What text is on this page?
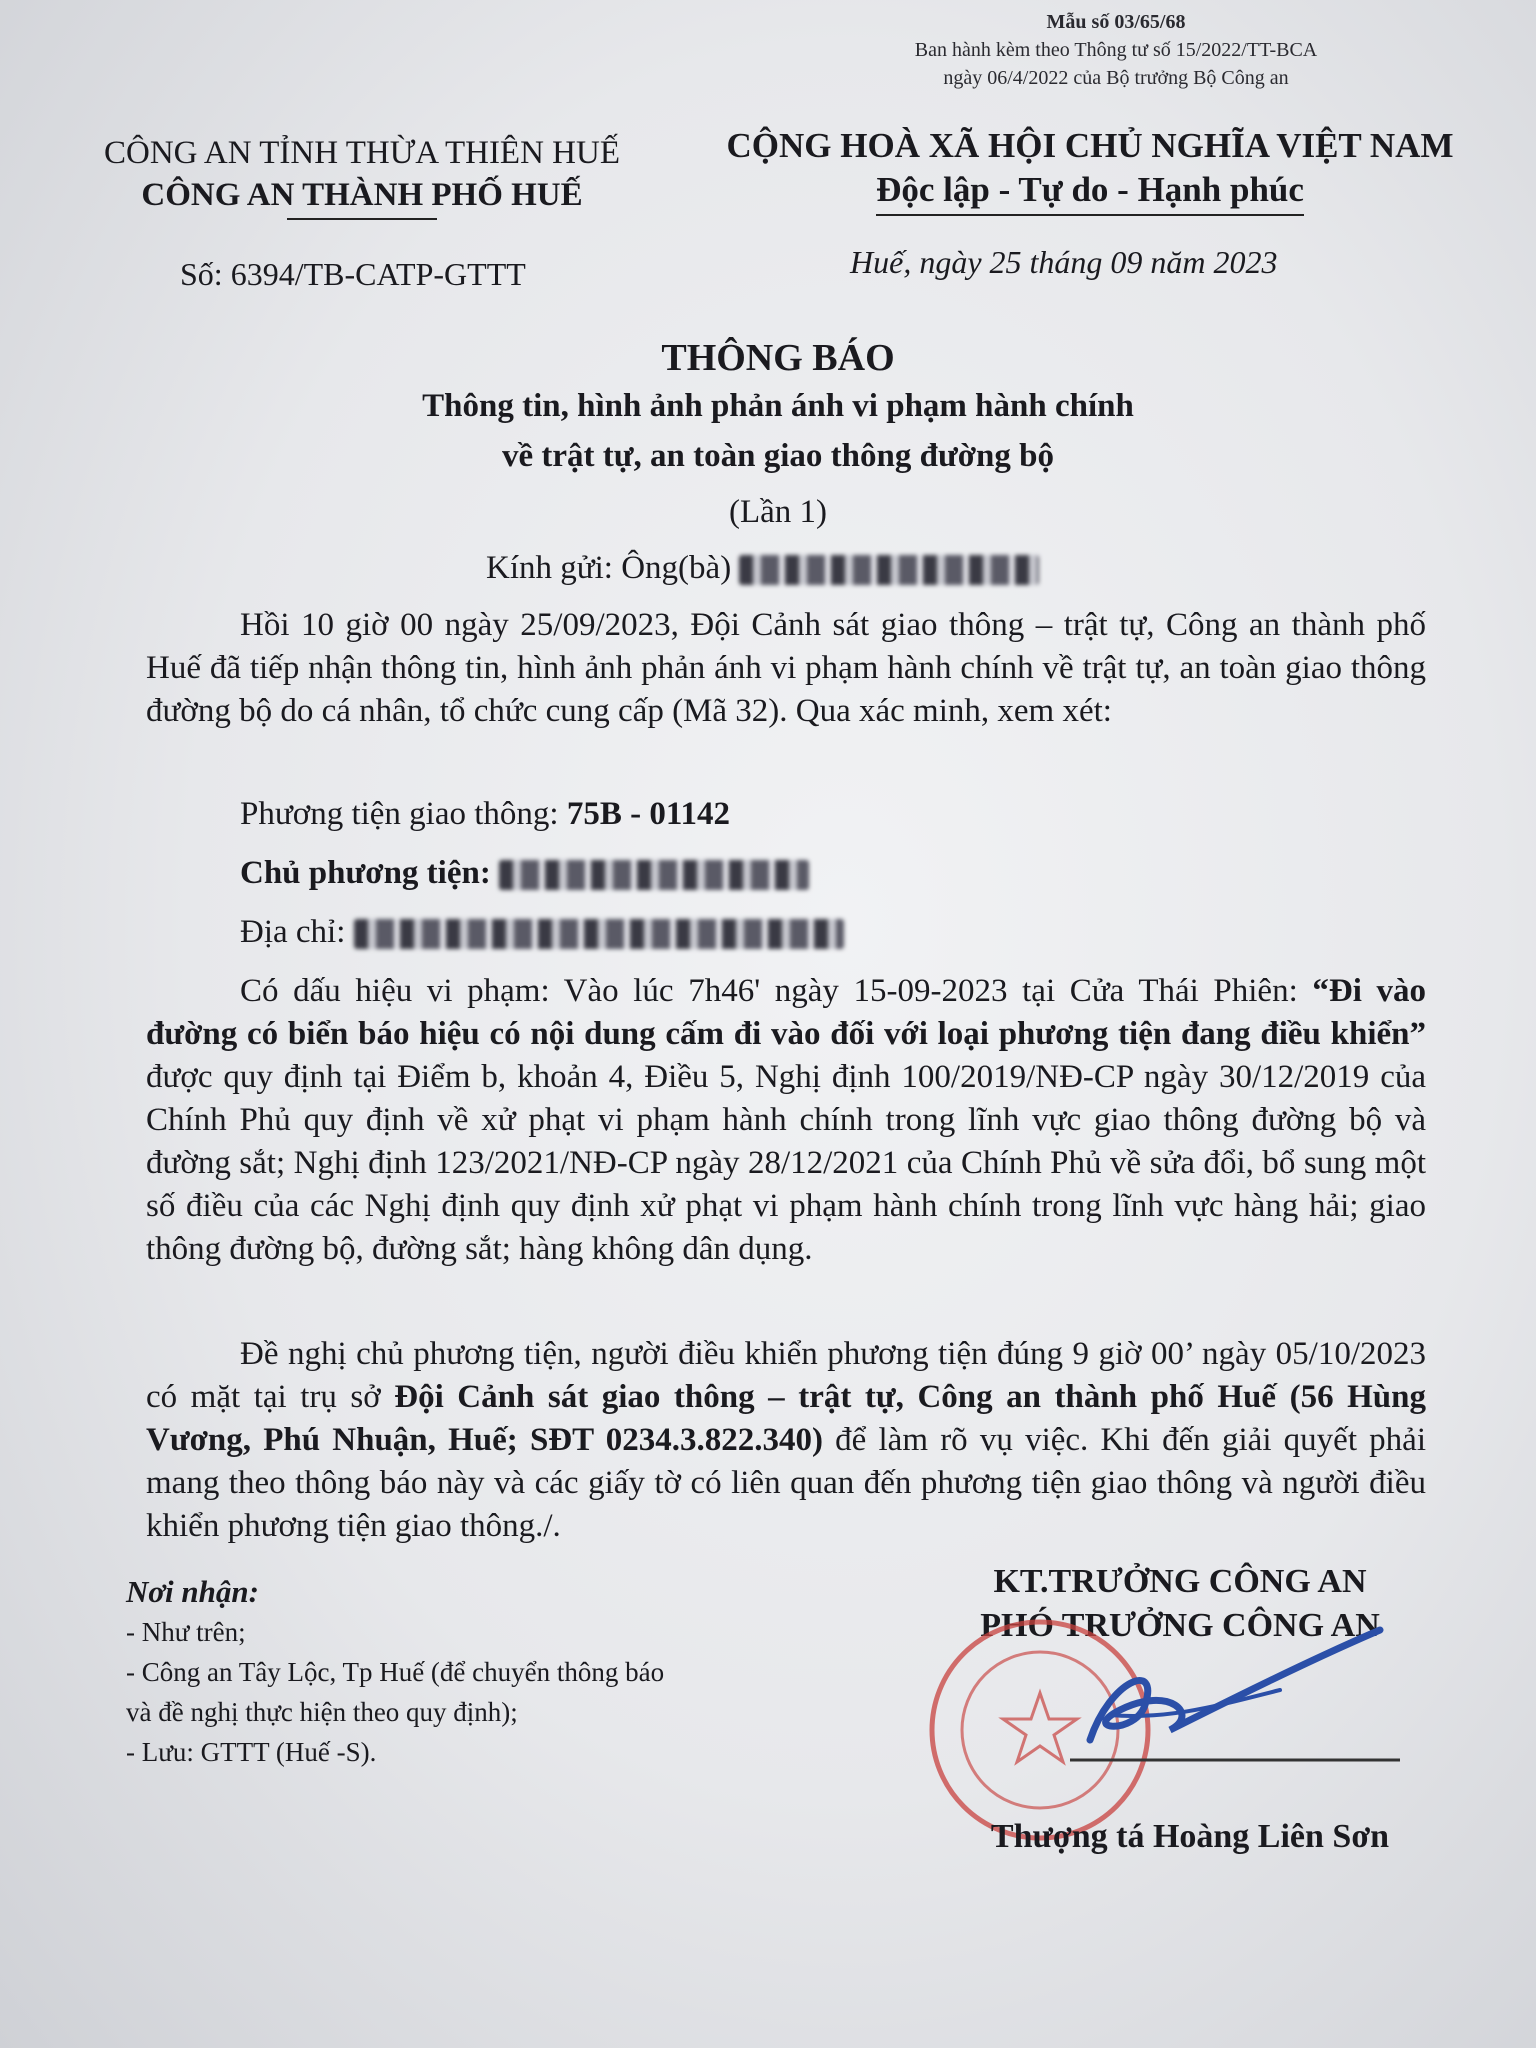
Mẫu số 03/65/68
Ban hành kèm theo Thông tư số 15/2022/TT-BCA
ngày 06/4/2022 của Bộ trưởng Bộ Công an
CÔNG AN TỈNH THỪA THIÊN HUẾ
CÔNG AN THÀNH PHỐ HUẾ
CỘNG HOÀ XÃ HỘI CHỦ NGHĨA VIỆT NAM
Độc lập - Tự do - Hạnh phúc
Số: 6394/TB-CATP-GTTT	Huế, ngày 25 tháng 09 năm 2023
THÔNG BÁO
Thông tin, hình ảnh phản ánh vi phạm hành chính
về trật tự, an toàn giao thông đường bộ
(Lần 1)
Kính gửi: Ông(bà)
Hồi 10 giờ 00 ngày 25/09/2023, Đội Cảnh sát giao thông – trật tự, Công an thành phố Huế đã tiếp nhận thông tin, hình ảnh phản ánh vi phạm hành chính về trật tự, an toàn giao thông đường bộ do cá nhân, tổ chức cung cấp (Mã 32). Qua xác minh, xem xét:
Phương tiện giao thông: 75B - 01142
Chủ phương tiện:
Địa chỉ:
Có dấu hiệu vi phạm: Vào lúc 7h46' ngày 15-09-2023 tại Cửa Thái Phiên: “Đi vào đường có biển báo hiệu có nội dung cấm đi vào đối với loại phương tiện đang điều khiển” được quy định tại Điểm b, khoản 4, Điều 5, Nghị định 100/2019/NĐ-CP ngày 30/12/2019 của Chính Phủ quy định về xử phạt vi phạm hành chính trong lĩnh vực giao thông đường bộ và đường sắt; Nghị định 123/2021/NĐ-CP ngày 28/12/2021 của Chính Phủ về sửa đổi, bổ sung một số điều của các Nghị định quy định xử phạt vi phạm hành chính trong lĩnh vực hàng hải; giao thông đường bộ, đường sắt; hàng không dân dụng.
Đề nghị chủ phương tiện, người điều khiển phương tiện đúng 9 giờ 00’ ngày 05/10/2023 có mặt tại trụ sở Đội Cảnh sát giao thông – trật tự, Công an thành phố Huế (56 Hùng Vương, Phú Nhuận, Huế; SĐT 0234.3.822.340) để làm rõ vụ việc. Khi đến giải quyết phải mang theo thông báo này và các giấy tờ có liên quan đến phương tiện giao thông và người điều khiển phương tiện giao thông./.
Nơi nhận:
- Như trên;
- Công an Tây Lộc, Tp Huế (để chuyển thông báo
và đề nghị thực hiện theo quy định);
- Lưu: GTTT (Huế -S).
KT.TRƯỞNG CÔNG AN
PHÓ TRƯỞNG CÔNG AN
Thượng tá Hoàng Liên Sơn
